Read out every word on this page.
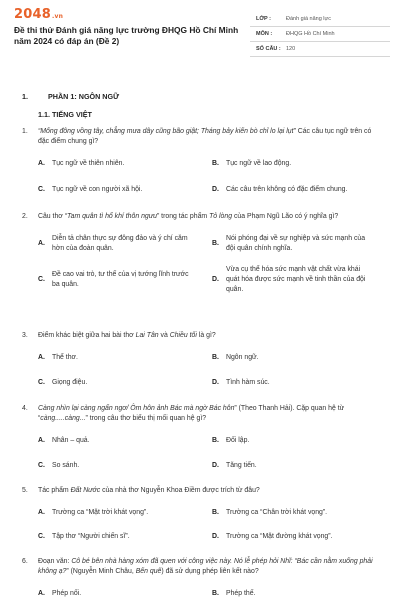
2048.vn
Đề thi thử Đánh giá năng lực trường ĐHQG Hồ Chí Minh năm 2024 có đáp án (Đề 2)
LỚP :	Đánh giá năng lực
MÔN :	ĐHQG Hồ Chí Minh
SỐ CÂU : 120
1.	PHẦN 1: NGÔN NGỮ
1.1. TIẾNG VIỆT
1. “Mống đông vồng tây, chẳng mưa dây cũng bão giật; Tháng bảy kiến bò chỉ lo lại lụt” Các câu tục ngữ trên có đặc điểm chung gì?
A.	Tục ngữ về thiên nhiên.	B.	Tục ngữ về lao động.
C.	Tục ngữ về con người xã hội.	D.	Các câu trên không có đặc điểm chung.
2. Câu thơ “Tam quân tì hổ khí thôn ngưu” trong tác phẩm Tỏ lòng của Phạm Ngũ Lão có ý nghĩa gì?
A.
Diễn tả chân thực sự đông đảo và ý chí căm hờn của đoàn quân.
B.
Nói phóng đại về sự nghiệp và sức mạnh của đội quân chính nghĩa.
C.
Đề cao vai trò, tư thế của vị tướng lĩnh trước ba quân.
D.
Vừa cụ thể hóa sức mạnh vật chất vừa khái quát hóa được sức mạnh về tinh thần của đội quân.
3. Điểm khác biệt giữa hai bài thơ Lai Tân và Chiều tối là gì?
A.	Thể thơ.	B.	Ngôn ngữ.
C.	Giọng điệu.	D.	Tình hàm súc.
4. Càng nhìn lại càng ngẩn ngơ/ Ôm hôn ảnh Bác mà ngờ Bác hôn” (Theo Thanh Hải). Cặp quan hệ từ “càng.....càng...” trong câu thơ biểu thị mối quan hệ gì?
A.	Nhân – quả.	B.	Đối lập.
C.	So sánh.	D.	Tăng tiến.
5. Tác phẩm Đất Nước của nhà thơ Nguyễn Khoa Điềm được trích từ đâu?
A.	Trường ca “Mặt trời khát vọng”.	B.	Trường ca “Chân trời khát vọng”.
C.	Tập thơ “Người chiến sĩ”.	D.	Trường ca “Mặt đường khát vọng”.
6. Đoạn văn: Cô bé bên nhà hàng xóm đã quen với công việc này. Nó lễ phép hỏi Nhĩ: “Bác cần nằm xuống phải không ạ?” (Nguyễn Minh Châu, Bến quê) đã sử dụng phép liên kết nào?
A.	Phép nối.	B.	Phép thế.
